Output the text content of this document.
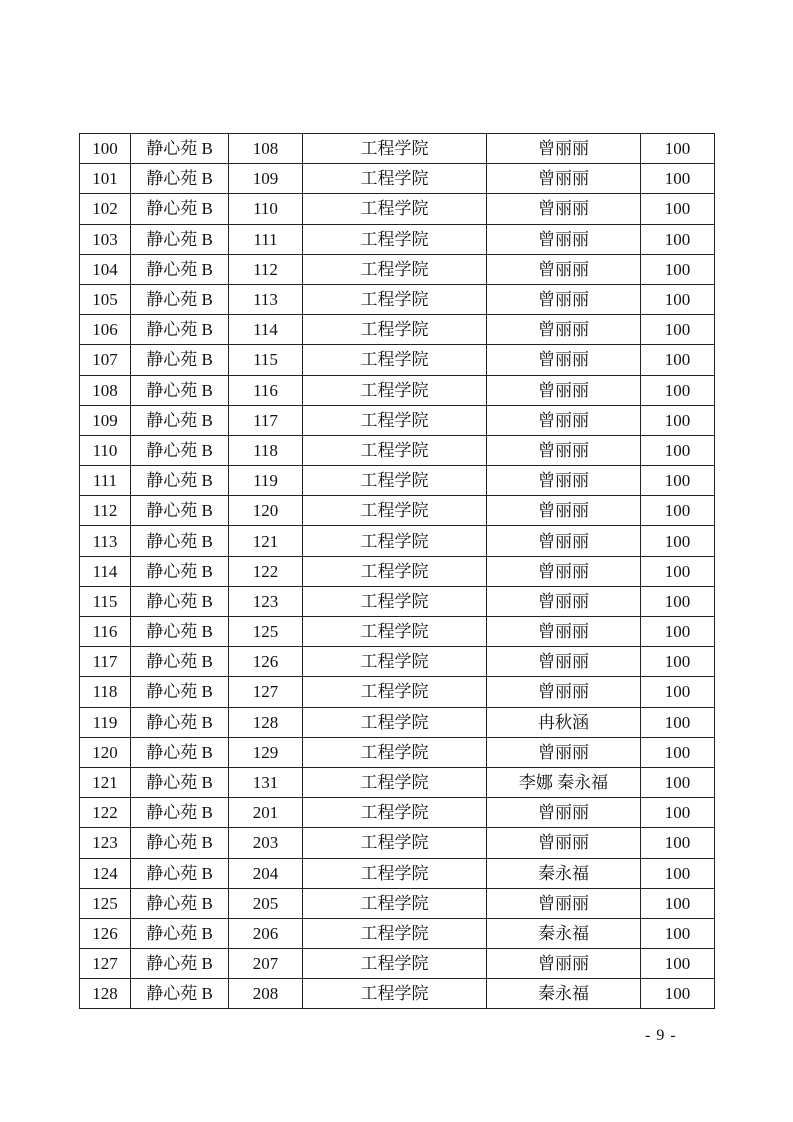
100	静心苑 B	108	工程学院	曾丽丽	100
101	静心苑 B	109	工程学院	曾丽丽	100
102	静心苑 B	110	工程学院	曾丽丽	100
103	静心苑 B	111	工程学院	曾丽丽	100
104	静心苑 B	112	工程学院	曾丽丽	100
105	静心苑 B	113	工程学院	曾丽丽	100
106	静心苑 B	114	工程学院	曾丽丽	100
107	静心苑 B	115	工程学院	曾丽丽	100
108	静心苑 B	116	工程学院	曾丽丽	100
109	静心苑 B	117	工程学院	曾丽丽	100
110	静心苑 B	118	工程学院	曾丽丽	100
111	静心苑 B	119	工程学院	曾丽丽	100
112	静心苑 B	120	工程学院	曾丽丽	100
113	静心苑 B	121	工程学院	曾丽丽	100
114	静心苑 B	122	工程学院	曾丽丽	100
115	静心苑 B	123	工程学院	曾丽丽	100
116	静心苑 B	125	工程学院	曾丽丽	100
117	静心苑 B	126	工程学院	曾丽丽	100
118	静心苑 B	127	工程学院	曾丽丽	100
119	静心苑 B	128	工程学院	冉秋涵	100
120	静心苑 B	129	工程学院	曾丽丽	100
121	静心苑 B	131	工程学院	李娜 秦永福	100
122	静心苑 B	201	工程学院	曾丽丽	100
123	静心苑 B	203	工程学院	曾丽丽	100
124	静心苑 B	204	工程学院	秦永福	100
125	静心苑 B	205	工程学院	曾丽丽	100
126	静心苑 B	206	工程学院	秦永福	100
127	静心苑 B	207	工程学院	曾丽丽	100
128	静心苑 B	208	工程学院	秦永福	100
- 9 -
